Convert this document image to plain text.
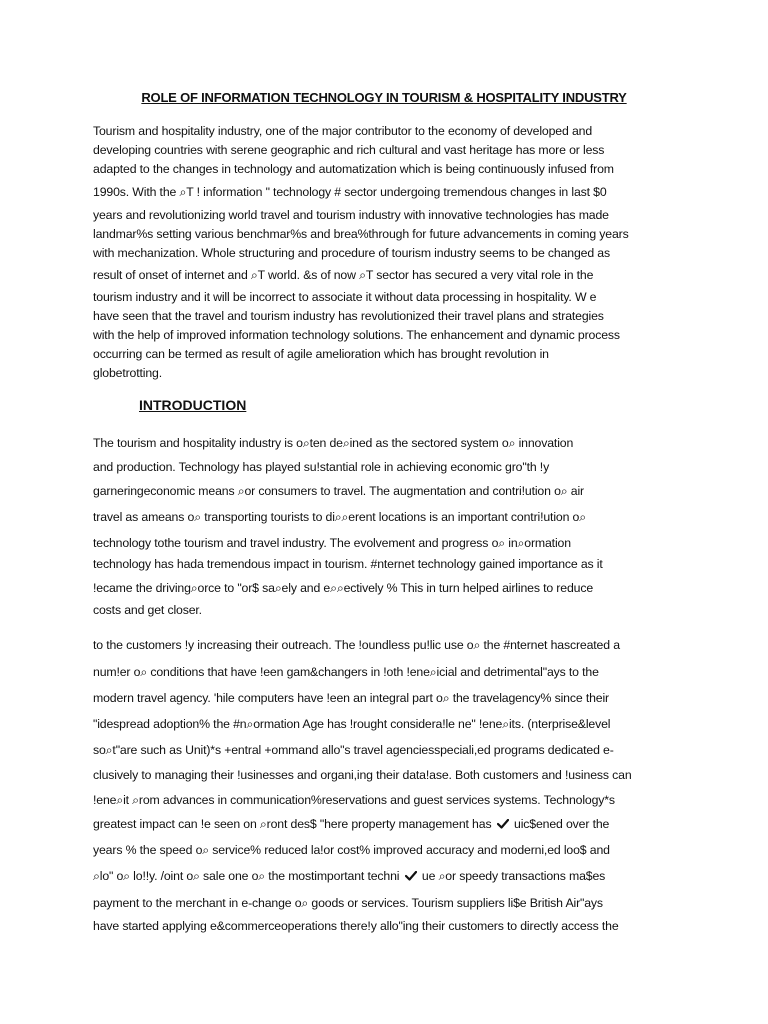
ROLE OF INFORMATION TECHNOLOGY IN TOURISM & HOSPITALITY INDUSTRY
Tourism and hospitality industry, one of the major contributor to the economy of developed and
developing countries with serene geographic and rich cultural and vast heritage has more or less
adapted to the changes in technology and automatization which is being continuously infused from
1990s. With the ⌕T ! information " technology # sector undergoing tremendous changes in last $0
years and revolutionizing world travel and tourism industry with innovative technologies has made
landmar%s setting various benchmar%s and brea%through for future advancements in coming years
with mechanization. Whole structuring and procedure of tourism industry seems to be changed as
result of onset of internet and ⌕T world. &s of now ⌕T sector has secured a very vital role in the
tourism industry and it will be incorrect to associate it without data processing in hospitality. W e
have seen that the travel and tourism industry has revolutionized their travel plans and strategies
with the help of improved information technology solutions. The enhancement and dynamic process
occurring can be termed as result of agile amelioration which has brought revolution in
globetrotting.
INTRODUCTION
The tourism and hospitality industry is o⌕ten de⌕ined as the sectored system o⌕ innovation
and production. Technology has played su!stantial role in achieving economic gro"th !y
garneringeconomic means ⌕or consumers to travel. The augmentation and contri!ution o⌕ air
travel as ameans o⌕ transporting tourists to di⌕⌕erent locations is an important contri!ution o⌕
technology tothe tourism and travel industry. The evolvement and progress o⌕ in⌕ormation
technology has hada tremendous impact in tourism. #nternet technology gained importance as it
!ecame the driving⌕orce to "or$ sa⌕ely and e⌕⌕ectively % This in turn helped airlines to reduce
costs and get closer.
to the customers !y increasing their outreach. The !oundless pu!lic use o⌕ the #nternet hascreated a
num!er o⌕ conditions that have !een gam&changers in !oth !ene⌕icial and detrimental"ays to the
modern travel agency. 'hile computers have !een an integral part o⌕ the travelagency% since their
"idespread adoption% the #n⌕ormation Age has !rought considera!le ne" !ene⌕its. (nterprise&level
so⌕t"are such as Unit)*s +entral +ommand allo"s travel agenciesspeciali,ed programs dedicated e-
clusively to managing their !usinesses and organi,ing their data!ase. Both customers and !usiness can
!ene⌕it ⌕rom advances in communication%reservations and guest services systems. Technology*s
greatest impact can !e seen on ⌕ront des$ "here property management has uic$ened over the
years % the speed o⌕ service% reduced la!or cost% improved accuracy and moderni,ed loo$ and
⌕lo" o⌕ lo!!y. /oint o⌕ sale one o⌕ the mostimportant techni ue ⌕or speedy transactions ma$es
payment to the merchant in e-change o⌕ goods or services. Tourism suppliers li$e British Air"ays
have started applying e&commerceoperations there!y allo"ing their customers to directly access the
